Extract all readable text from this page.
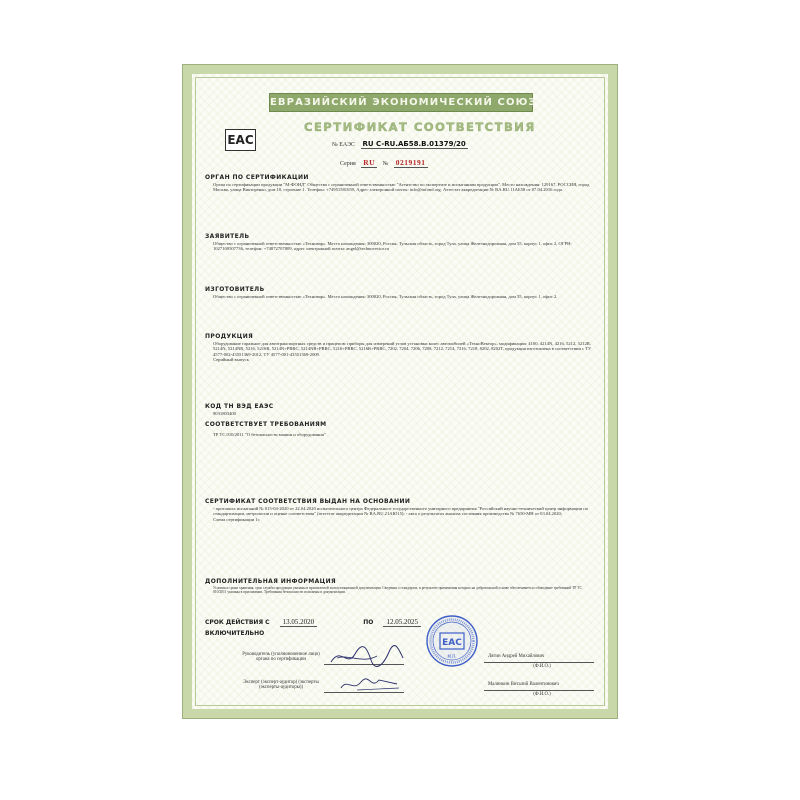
ЕВРАЗИЙСКИЙ ЭКОНОМИЧЕСКИЙ СОЮЗ
ЕАС
СЕРТИФИКАТ СООТВЕТСТВИЯ
№ ЕАЭС RU C-RU.АБ58.В.01379/20
Серия RU № 0219191
ОРГАН ПО СЕРТИФИКАЦИИ
Орган по сертификации продукции "М-ФОНД" Общества с ограниченной ответственностью "Агентство по экспертизе и испытаниям продукции". Место нахождения: 129167, РОССИЯ, город Москва, улица Викторенко, дом 18, строение 1. Телефон: +74951581659, Адрес электронной почты: info@mfond.org. Аттестат аккредитации № RA.RU.11АБ58 от 07.04.2016 года.
ЗАЯВИТЕЛЬ
Общество с ограниченной ответственностью «Техновар». Место нахождения: 300020, Россия, Тульская область, город Тула, улица Железнодорожная, дом 55, корпус 1, офис 2, ОГРН: 1027100507736, телефон: +74872707809, адрес электронной почты: angel@technovector.ru
ИЗГОТОВИТЕЛЬ
Общество с ограниченной ответственностью «Техновар». Место нахождения: 300020, Россия, Тульская область, город Тула, улица Железнодорожная, дом 55, корпус 1, офис 2.
ПРОДУКЦИЯ
Оборудование гаражное для автотранспортных средств и прицепов: приборы для измерений углов установки колес автомобилей «ТехноВектор», модификации: 4100, 4214N, 4216, 5212, 5212R, 5214N, 5214NR, 5216, 5216R, 5214N+PRRC, 5214NR+PRRC, 5216+PRRC, 5216R+PRRC, 7202, 7204, 7206, 7208, 7212, 7214, 7216, 7218, 8202, 8202T, продукция изготовлена в соответствии с ТУ 4577-002-43551369-2012, ТУ 4577-001-43551369-2009.
Серийный выпуск
КОД ТН ВЭД ЕАЭС
9031803400
СООТВЕТСТВУЕТ ТРЕБОВАНИЯМ
ТР ТС 010/2011 "О безопасности машин и оборудования"
СЕРТИФИКАТ СООТВЕТСТВИЯ ВЫДАН НА ОСНОВАНИИ
- протокола испытаний № 015-04-2020 от 22.04.2020 испытательного центра Федерального государственного унитарного предприятия "Российский научно-технический центр информации по стандартизации, метрологии и оценке соответствия" (аттестат аккредитации № RA.RU.21АЮ15); - акта о результатах анализа состояния производства № 7650-МН от 03.04.2020;
Схема сертификации 1с
ДОПОЛНИТЕЛЬНАЯ ИНФОРМАЦИЯ
Условия и сроки хранения, срок службы продукции указаны в прилагаемой эксплуатационной документации. Сведения о стандартах, в результате применения которых на добровольной основе обеспечивается соблюдение требований ТР ТС 010/2011 указаны в приложении. Требования безопасности изложены в документации.
СРОК ДЕЙСТВИЯ С 13.05.2020	ПО 12.05.2025
ВКЛЮЧИТЕЛЬНО
Руководитель (уполномоченное лицо) органа по сертификации
Лягин Андрей Михайлович
(Ф.И.О.)
Эксперт (эксперт-аудитор) (эксперты (эксперты-аудиторы))
Малинкин Виталий Валентинович
(Ф.И.О.)
ЕАС
М.П.
